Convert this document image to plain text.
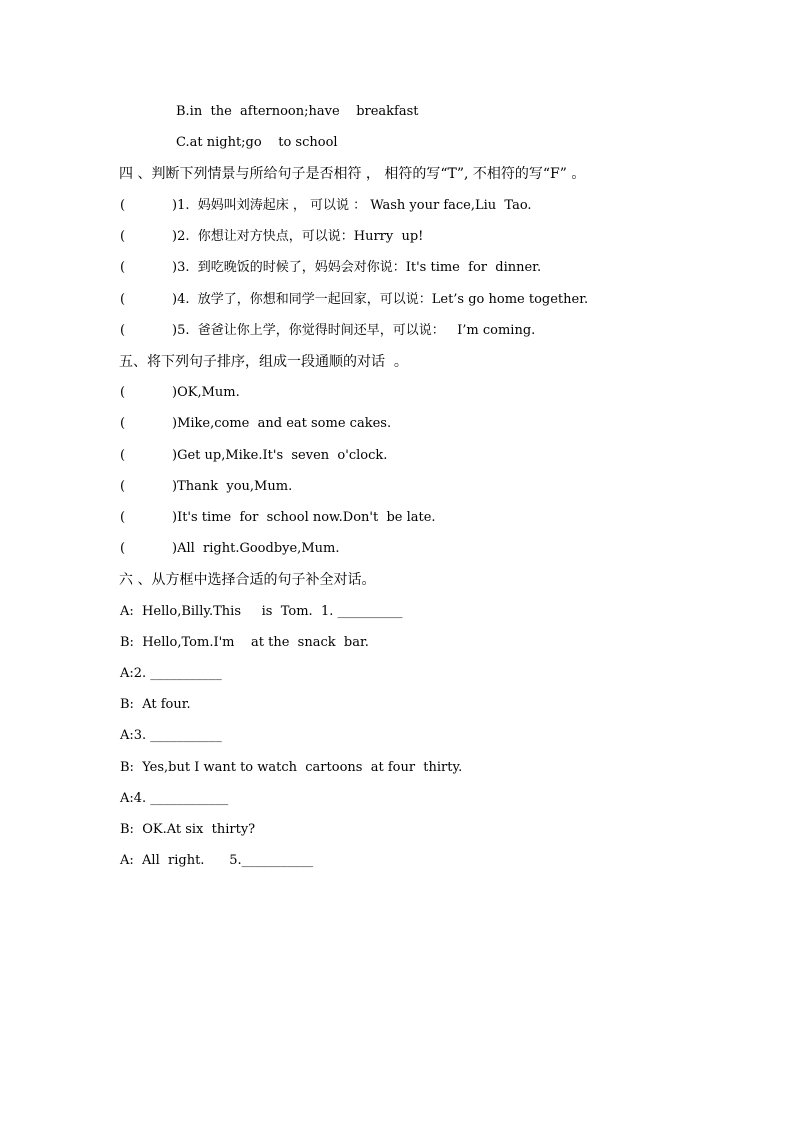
B.in  the  afternoon;have    breakfast
C.at night;go    to school
四 、判断下列情景与所给句子是否相符 ， 相符的写“T”, 不相符的写“F” 。
(	)1.  妈妈叫刘涛起床 ， 可以说 ： Wash your face,Liu  Tao.
(	)2.  你想让对方快点，可以说：Hurry  up!
(	)3.  到吃晚饭的时候了，妈妈会对你说：It's time  for  dinner.
(	)4.  放学了，你想和同学一起回家，可以说：Let’s go home together.
(	)5.  爸爸让你上学，你觉得时间还早，可以说：   I’m coming.
五、将下列句子排序，组成一段通顺的对话  。
(	)OK,Mum.
(	)Mike,come  and eat some cakes.
(	)Get up,Mike.It's  seven  o'clock.
(	)Thank  you,Mum.
(	)It's time  for  school now.Don't  be late.
(	)All  right.Goodbye,Mum.
六 、从方框中选择合适的句子补全对话。
A:  Hello,Billy.This     is  Tom.  1. __________
B:  Hello,Tom.I'm    at the  snack  bar.
A:2. ___________
B:  At four.
A:3. ___________
B:  Yes,but I want to watch  cartoons  at four  thirty.
A:4. ____________
B:  OK.At six  thirty?
A:  All  right.      5.___________
